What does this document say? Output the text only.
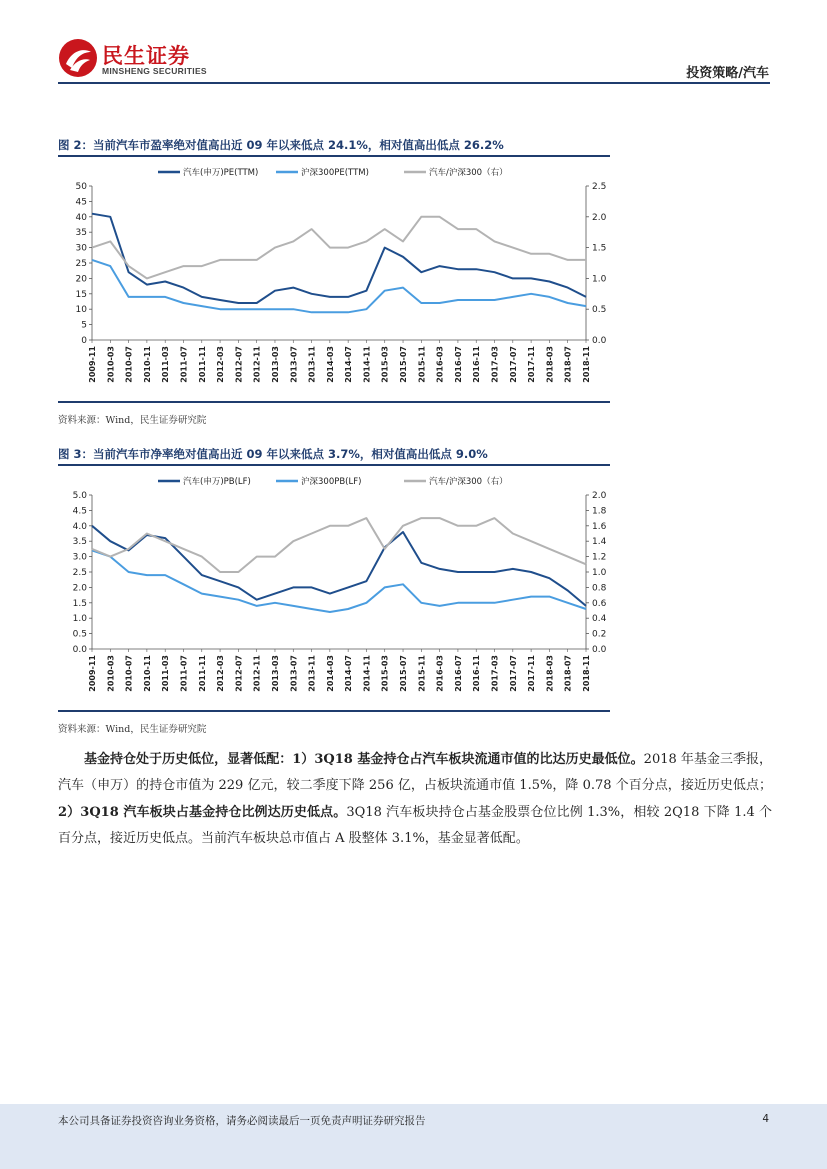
民生证券
MINSHENG SECURITIES	投资策略/汽车
图 2：当前汽车市盈率绝对值高出近 09 年以来低点 24.1%，相对值高出低点 26.2%
0
5
10
15
20
25
30
35
40
45
50
0.0
0.5
1.0
1.5
2.0
2.5
2009-11 2010-03 2010-07 2010-11 2011-03 2011-07 2011-11 2012-03 2012-07 2012-11 2013-03 2013-07 2013-11 2014-03 2014-07 2014-11 2015-03 2015-07 2015-11 2016-03 2016-07 2016-11 2017-03 2017-07 2017-11 2018-03 2018-07 2018-11
汽车(申万)PE(TTM)	沪深300PE(TTM)	汽车/沪深300（右）
资料来源：Wind，民生证券研究院
图 3：当前汽车市净率绝对值高出近 09 年以来低点 3.7%，相对值高出低点 9.0%
0.0
0.5
1.0
1.5
2.0
2.5
3.0
3.5
4.0
4.5
5.0
0.0
0.2
0.4
0.6
0.8
1.0
1.2
1.4
1.6
1.8
2.0
2009-11 2010-03 2010-07 2010-11 2011-03 2011-07 2011-11 2012-03 2012-07 2012-11 2013-03 2013-07 2013-11 2014-03 2014-07 2014-11 2015-03 2015-07 2015-11 2016-03 2016-07 2016-11 2017-03 2017-07 2017-11 2018-03 2018-07 2018-11
汽车(申万)PB(LF)	沪深300PB(LF)	汽车/沪深300（右）
资料来源：Wind，民生证券研究院
基金持仓处于历史低位，显著低配：1）3Q18 基金持仓占汽车板块流通市值的比达历史最低位。2018 年基金三季报，汽车（申万）的持仓市值为 229 亿元，较二季度下降 256 亿，占板块流通市值 1.5%，降 0.78 个百分点，接近历史低点；2）3Q18 汽车板块占基金持仓比例达历史低点。3Q18 汽车板块持仓占基金股票仓位比例 1.3%，相较 2Q18 下降 1.4 个百分点，接近历史低点。当前汽车板块总市值占 A 股整体 3.1%，基金显著低配。
本公司具备证券投资咨询业务资格，请务必阅读最后一页免责声明证券研究报告	4
